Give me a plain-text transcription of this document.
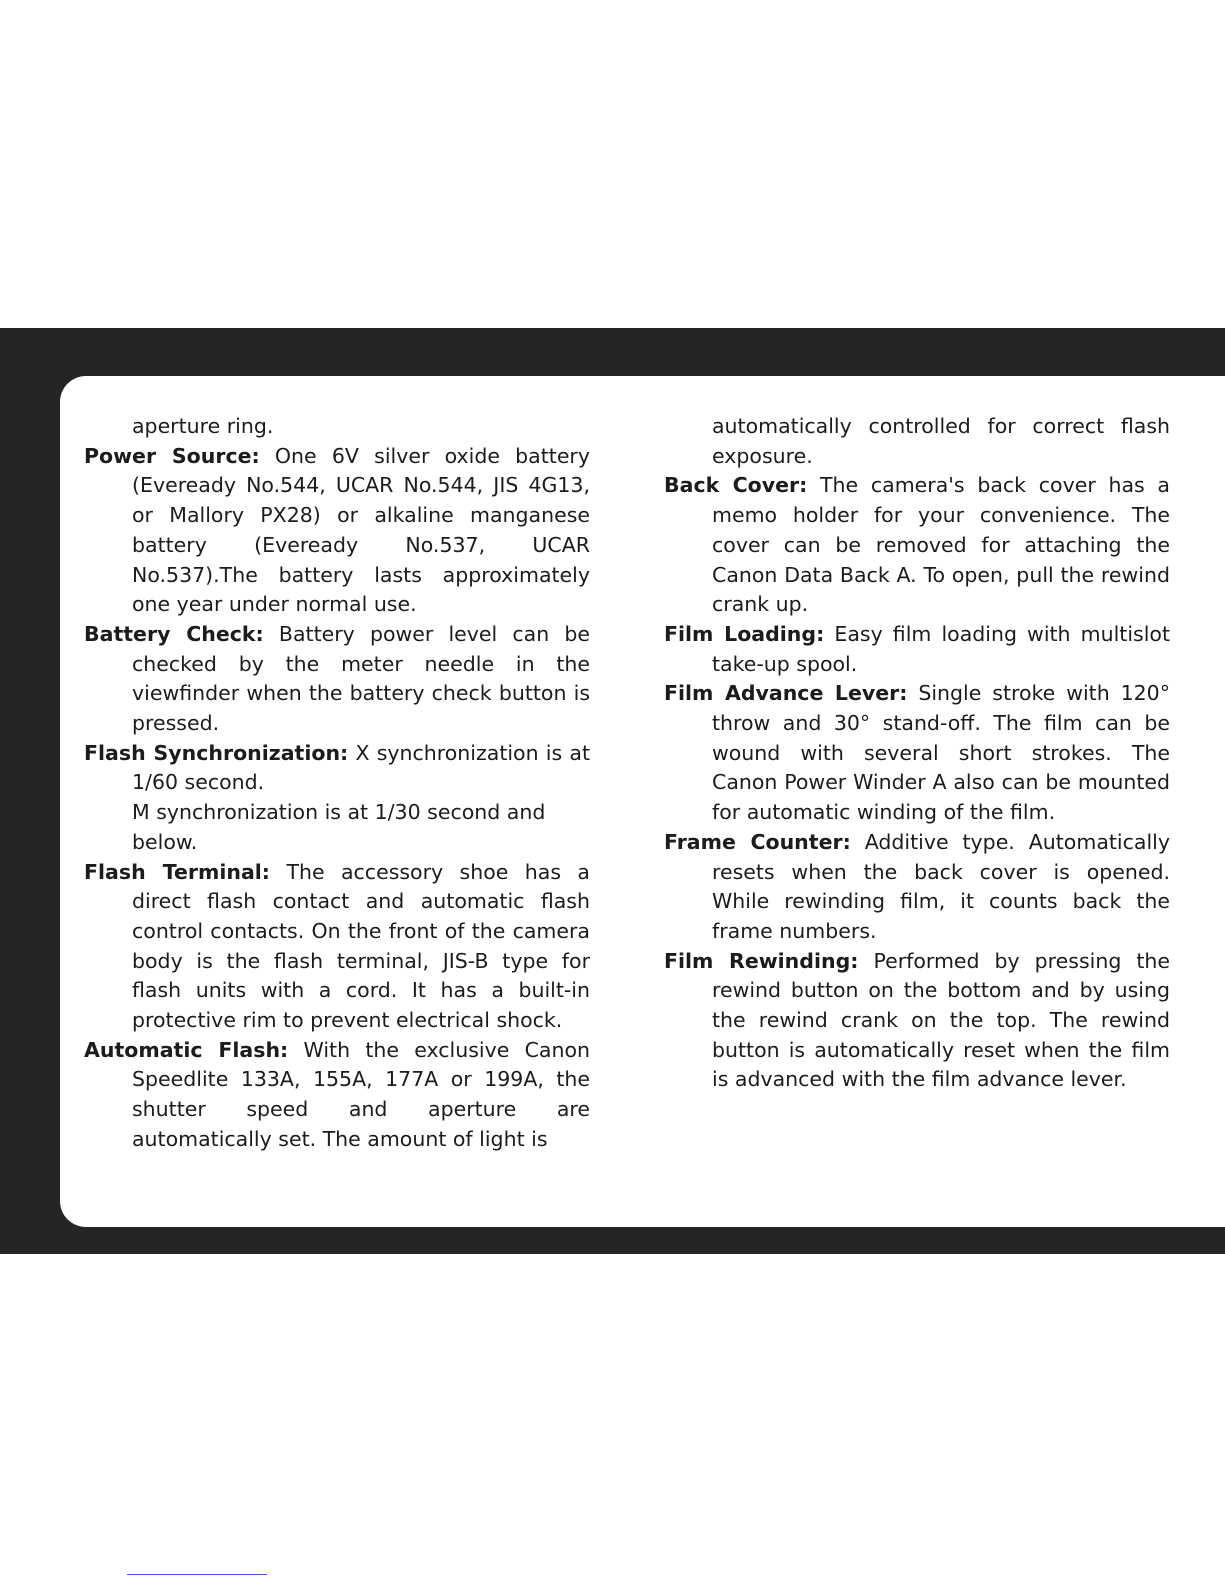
aperture ring.

Power Source: One 6V silver oxide battery (Eveready No.544, UCAR No.544, JIS 4G13, or Mallory PX28) or alkaline manganese battery (Eveready No.537, UCAR No.537).The battery lasts approximately one year under normal use.

Battery Check: Battery power level can be checked by the meter needle in the viewfinder when the battery check button is pressed.

Flash Synchronization: X synchronization is at 1/60 second.

M synchronization is at 1/30 second and below.

Flash Terminal: The accessory shoe has a direct flash contact and automatic flash control contacts. On the front of the camera body is the flash terminal, JIS-B type for flash units with a cord. It has a built-in protective rim to prevent electrical shock.

Automatic Flash: With the exclusive Canon Speedlite 133A, 155A, 177A or 199A, the shutter speed and aperture are automatically set. The amount of light is

automatically controlled for correct flash exposure.

Back Cover: The camera's back cover has a memo holder for your convenience. The cover can be removed for attaching the Canon Data Back A. To open, pull the rewind crank up.

Film Loading: Easy film loading with multislot take-up spool.

Film Advance Lever: Single stroke with 120° throw and 30° stand-off. The film can be wound with several short strokes. The Canon Power Winder A also can be mounted for automatic winding of the film.

Frame Counter: Additive type. Automatically resets when the back cover is opened. While rewinding film, it counts back the frame numbers.

Film Rewinding: Performed by pressing the rewind button on the bottom and by using the rewind crank on the top. The rewind button is automatically reset when the film is advanced with the film advance lever.
